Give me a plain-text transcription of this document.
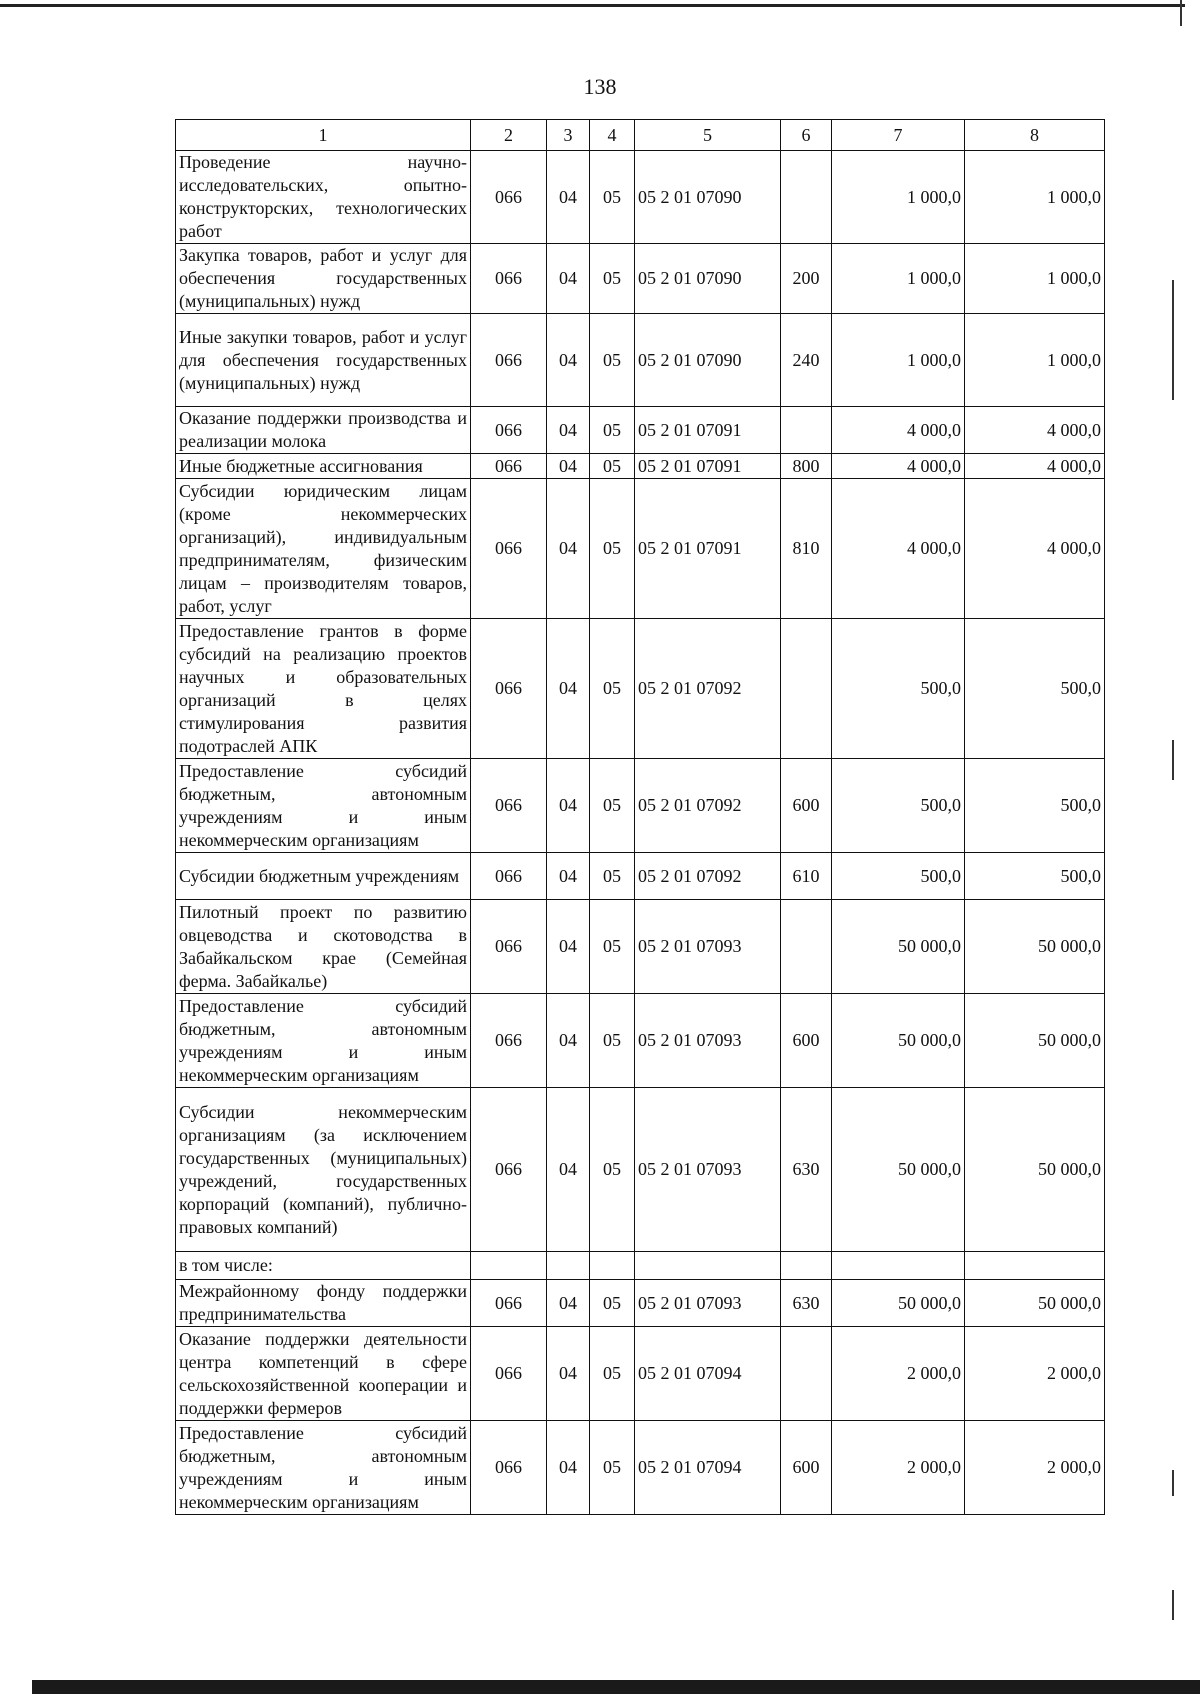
138
1	2	3	4	5	6	7	8
Проведение научно-исследовательских, опытно-конструкторских, технологических работ	066	04	05	05 2 01 07090		1 000,0	1 000,0
Закупка товаров, работ и услуг для обеспечения государственных (муниципальных) нужд	066	04	05	05 2 01 07090	200	1 000,0	1 000,0
Иные закупки товаров, работ и услуг для обеспечения государственных (муниципальных) нужд	066	04	05	05 2 01 07090	240	1 000,0	1 000,0
Оказание поддержки производства и реализации молока	066	04	05	05 2 01 07091		4 000,0	4 000,0
Иные бюджетные ассигнования	066	04	05	05 2 01 07091	800	4 000,0	4 000,0
Субсидии юридическим лицам (кроме некоммерческих организаций), индивидуальным предпринимателям, физическим лицам – производителям товаров, работ, услуг	066	04	05	05 2 01 07091	810	4 000,0	4 000,0
Предоставление грантов в форме субсидий на реализацию проектов научных и образовательных организаций в целях стимулирования развития подотраслей АПК	066	04	05	05 2 01 07092		500,0	500,0
Предоставление субсидий бюджетным, автономным учреждениям и иным некоммерческим организациям	066	04	05	05 2 01 07092	600	500,0	500,0
Субсидии бюджетным учреждениям	066	04	05	05 2 01 07092	610	500,0	500,0
Пилотный проект по развитию овцеводства и скотоводства в Забайкальском крае (Семейная ферма. Забайкалье)	066	04	05	05 2 01 07093		50 000,0	50 000,0
Предоставление субсидий бюджетным, автономным учреждениям и иным некоммерческим организациям	066	04	05	05 2 01 07093	600	50 000,0	50 000,0
Субсидии некоммерческим организациям (за исключением государственных (муниципальных) учреждений, государственных корпораций (компаний), публично-правовых компаний)	066	04	05	05 2 01 07093	630	50 000,0	50 000,0
в том числе:							
Межрайонному фонду поддержки предпринимательства	066	04	05	05 2 01 07093	630	50 000,0	50 000,0
Оказание поддержки деятельности центра компетенций в сфере сельскохозяйственной кооперации и поддержки фермеров	066	04	05	05 2 01 07094		2 000,0	2 000,0
Предоставление субсидий бюджетным, автономным учреждениям и иным некоммерческим организациям	066	04	05	05 2 01 07094	600	2 000,0	2 000,0
